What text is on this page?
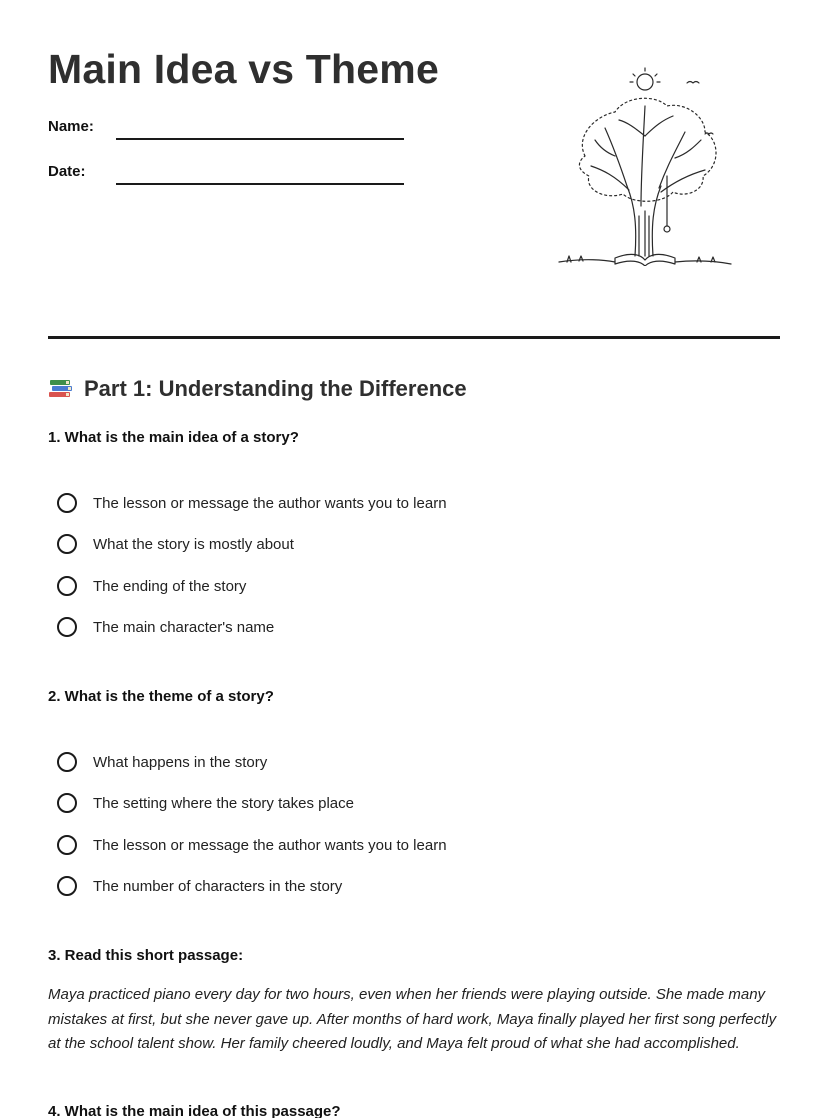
Main Idea vs Theme
Name:
Date:
Part 1: Understanding the Difference
1. What is the main idea of a story?
The lesson or message the author wants you to learn
What the story is mostly about
The ending of the story
The main character's name
2. What is the theme of a story?
What happens in the story
The setting where the story takes place
The lesson or message the author wants you to learn
The number of characters in the story
3. Read this short passage:

Maya practiced piano every day for two hours, even when her friends were playing outside. She made many mistakes at first, but she never gave up. After months of hard work, Maya finally played her first song perfectly at the school talent show. Her family cheered loudly, and Maya felt proud of what she had accomplished.

4. What is the main idea of this passage?
